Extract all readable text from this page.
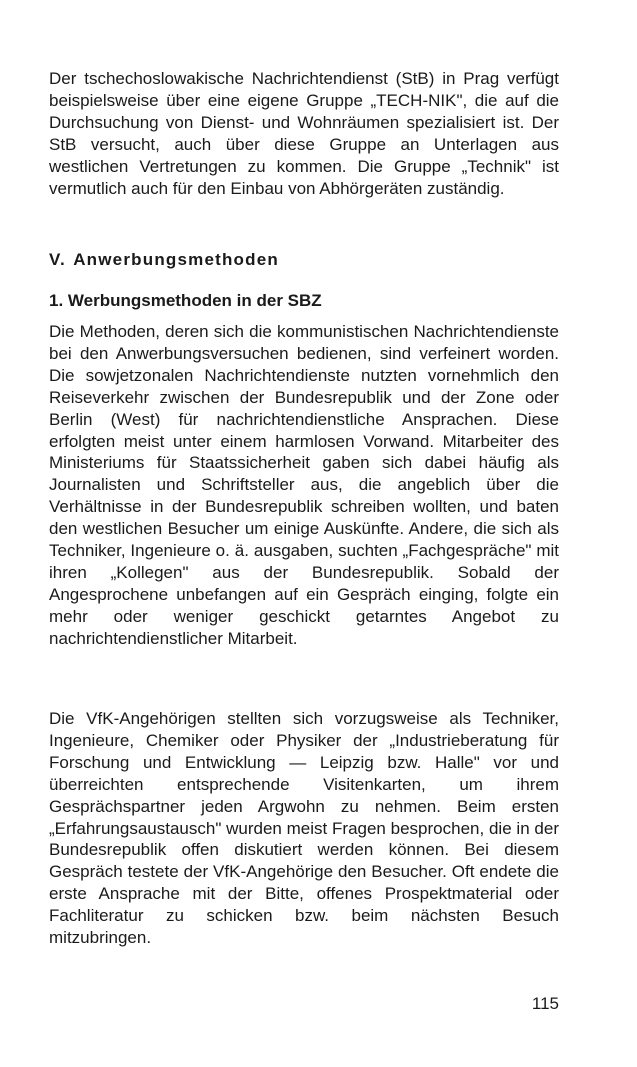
Der tschechoslowakische Nachrichtendienst (StB) in Prag verfügt beispielsweise über eine eigene Gruppe „TECH-NIK", die auf die Durchsuchung von Dienst- und Wohnräumen spezialisiert ist. Der StB versucht, auch über diese Gruppe an Unterlagen aus westlichen Vertretungen zu kommen. Die Gruppe „Technik" ist vermutlich auch für den Einbau von Abhörgeräten zuständig.

V. Anwerbungsmethoden
1. Werbungsmethoden in der SBZ

Die Methoden, deren sich die kommunistischen Nachrichtendienste bei den Anwerbungsversuchen bedienen, sind verfeinert worden. Die sowjetzonalen Nachrichtendienste nutzten vornehmlich den Reiseverkehr zwischen der Bundesrepublik und der Zone oder Berlin (West) für nachrichtendienstliche Ansprachen. Diese erfolgten meist unter einem harmlosen Vorwand. Mitarbeiter des Ministeriums für Staatssicherheit gaben sich dabei häufig als Journalisten und Schriftsteller aus, die angeblich über die Verhältnisse in der Bundesrepublik schreiben wollten, und baten den westlichen Besucher um einige Auskünfte. Andere, die sich als Techniker, Ingenieure o. ä. ausgaben, suchten „Fachgespräche" mit ihren „Kollegen" aus der Bundesrepublik. Sobald der Angesprochene unbefangen auf ein Gespräch einging, folgte ein mehr oder weniger geschickt getarntes Angebot zu nachrichtendienstlicher Mitarbeit.

Die VfK-Angehörigen stellten sich vorzugsweise als Techniker, Ingenieure, Chemiker oder Physiker der „Industrieberatung für Forschung und Entwicklung — Leipzig bzw. Halle" vor und überreichten entsprechende Visitenkarten, um ihrem Gesprächspartner jeden Argwohn zu nehmen. Beim ersten „Erfahrungsaustausch" wurden meist Fragen besprochen, die in der Bundesrepublik offen diskutiert werden können. Bei diesem Gespräch testete der VfK-Angehörige den Besucher. Oft endete die erste Ansprache mit der Bitte, offenes Prospektmaterial oder Fachliteratur zu schicken bzw. beim nächsten Besuch mitzubringen.

115
